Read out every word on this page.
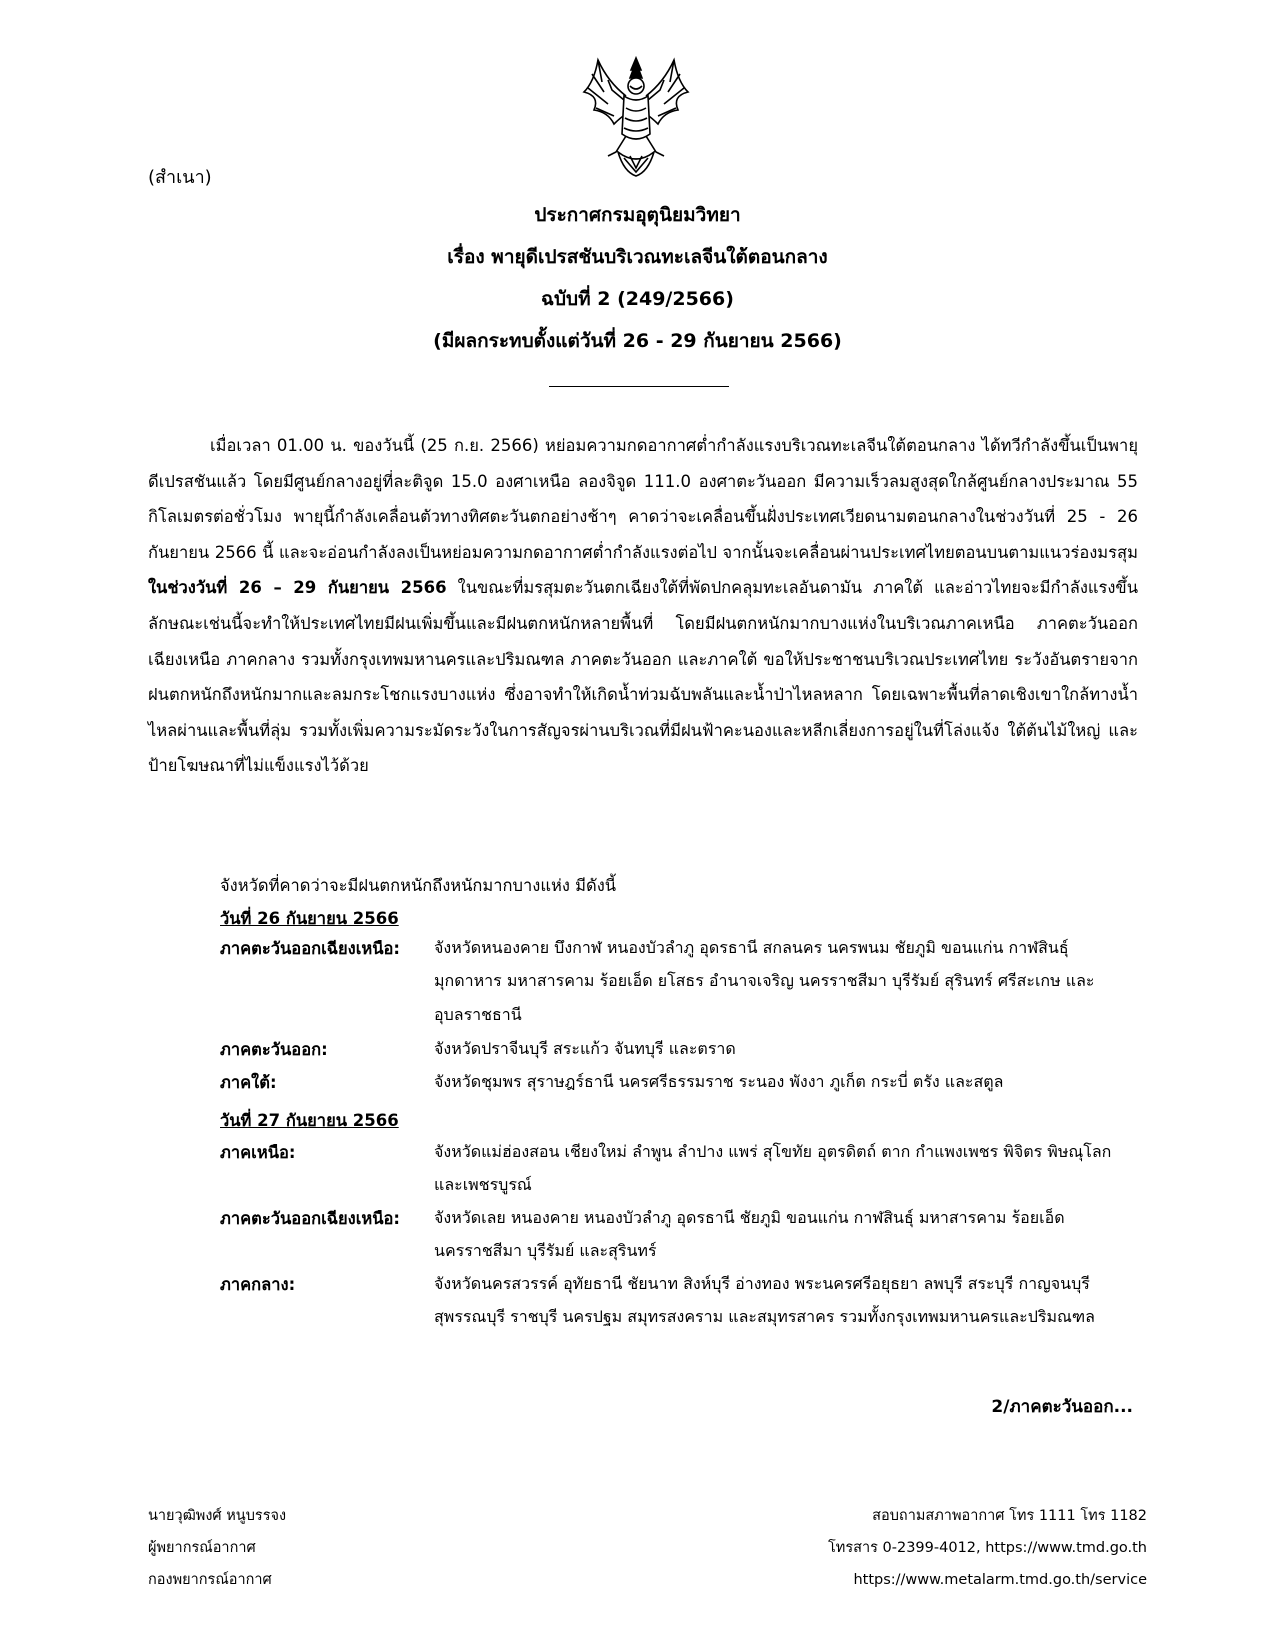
(สำเนา)
ประกาศกรมอุตุนิยมวิทยา
เรื่อง พายุดีเปรสชันบริเวณทะเลจีนใต้ตอนกลาง
ฉบับที่ 2 (249/2566)
(มีผลกระทบตั้งแต่วันที่ 26 - 29 กันยายน 2566)
เมื่อเวลา 01.00 น. ของวันนี้ (25 ก.ย. 2566) หย่อมความกดอากาศต่ำกำลังแรงบริเวณทะเลจีนใต้ตอนกลาง ได้ทวีกำลังขึ้นเป็นพายุดีเปรสชันแล้ว โดยมีศูนย์กลางอยู่ที่ละติจูด 15.0 องศาเหนือ ลองจิจูด 111.0 องศาตะวันออก มีความเร็วลมสูงสุดใกล้ศูนย์กลางประมาณ 55 กิโลเมตรต่อชั่วโมง พายุนี้กำลังเคลื่อนตัวทางทิศตะวันตกอย่างช้าๆ คาดว่าจะเคลื่อนขึ้นฝั่งประเทศเวียดนามตอนกลางในช่วงวันที่ 25 - 26 กันยายน 2566 นี้ และจะอ่อนกำลังลงเป็นหย่อมความกดอากาศต่ำกำลังแรงต่อไป จากนั้นจะเคลื่อนผ่านประเทศไทยตอนบนตามแนวร่องมรสุมในช่วงวันที่ 26 – 29 กันยายน 2566 ในขณะที่มรสุมตะวันตกเฉียงใต้ที่พัดปกคลุมทะเลอันดามัน ภาคใต้ และอ่าวไทยจะมีกำลังแรงขึ้น ลักษณะเช่นนี้จะทำให้ประเทศไทยมีฝนเพิ่มขึ้นและมีฝนตกหนักหลายพื้นที่ โดยมีฝนตกหนักมากบางแห่งในบริเวณภาคเหนือ ภาคตะวันออกเฉียงเหนือ ภาคกลาง รวมทั้งกรุงเทพมหานครและปริมณฑล ภาคตะวันออก และภาคใต้ ขอให้ประชาชนบริเวณประเทศไทย ระวังอันตรายจากฝนตกหนักถึงหนักมากและลมกระโชกแรงบางแห่ง ซึ่งอาจทำให้เกิดน้ำท่วมฉับพลันและน้ำป่าไหลหลาก โดยเฉพาะพื้นที่ลาดเชิงเขาใกล้ทางน้ำไหลผ่านและพื้นที่ลุ่ม รวมทั้งเพิ่มความระมัดระวังในการสัญจรผ่านบริเวณที่มีฝนฟ้าคะนองและหลีกเลี่ยงการอยู่ในที่โล่งแจ้ง ใต้ต้นไม้ใหญ่ และป้ายโฆษณาที่ไม่แข็งแรงไว้ด้วย
จังหวัดที่คาดว่าจะมีฝนตกหนักถึงหนักมากบางแห่ง มีดังนี้
วันที่ 26 กันยายน 2566
ภาคตะวันออกเฉียงเหนือ: จังหวัดหนองคาย บึงกาฬ หนองบัวลำภู อุดรธานี สกลนคร นครพนม ชัยภูมิ ขอนแก่น กาฬสินธุ์ มุกดาหาร มหาสารคาม ร้อยเอ็ด ยโสธร อำนาจเจริญ นครราชสีมา บุรีรัมย์ สุรินทร์ ศรีสะเกษ และอุบลราชธานี
ภาคตะวันออก:	จังหวัดปราจีนบุรี สระแก้ว จันทบุรี และตราด
ภาคใต้:	จังหวัดชุมพร สุราษฎร์ธานี นครศรีธรรมราช ระนอง พังงา ภูเก็ต กระบี่ ตรัง และสตูล
วันที่ 27 กันยายน 2566
ภาคเหนือ:	จังหวัดแม่ฮ่องสอน เชียงใหม่ ลำพูน ลำปาง แพร่ สุโขทัย อุตรดิตถ์ ตาก กำแพงเพชร พิจิตร พิษณุโลก และเพชรบูรณ์
ภาคตะวันออกเฉียงเหนือ: จังหวัดเลย หนองคาย หนองบัวลำภู อุดรธานี ชัยภูมิ ขอนแก่น กาฬสินธุ์ มหาสารคาม ร้อยเอ็ด นครราชสีมา บุรีรัมย์ และสุรินทร์
ภาคกลาง:	จังหวัดนครสวรรค์ อุทัยธานี ชัยนาท สิงห์บุรี อ่างทอง พระนครศรีอยุธยา ลพบุรี สระบุรี กาญจนบุรี สุพรรณบุรี ราชบุรี นครปฐม สมุทรสงคราม และสมุทรสาคร รวมทั้งกรุงเทพมหานครและปริมณฑล
2/ภาคตะวันออก...
นายวุฒิพงศ์ หนูบรรจง
ผู้พยากรณ์อากาศ
กองพยากรณ์อากาศ
สอบถามสภาพอากาศ โทร 1111 โทร 1182
โทรสาร 0-2399-4012, https://www.tmd.go.th
https://www.metalarm.tmd.go.th/service
